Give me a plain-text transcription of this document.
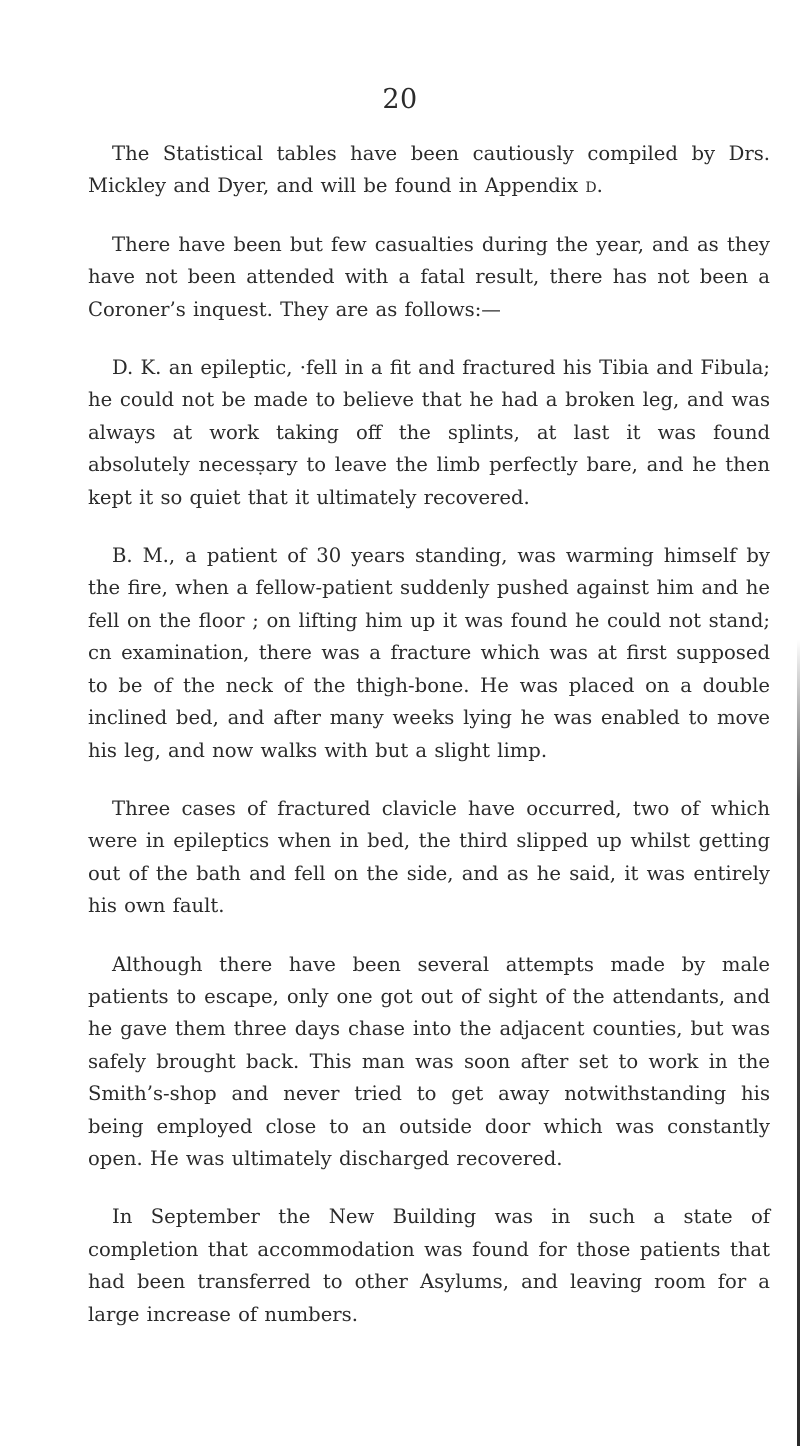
20

The Statistical tables have been cautiously compiled by Drs. Mickley and Dyer, and will be found in Appendix d.

There have been but few casualties during the year, and as they have not been attended with a fatal result, there has not been a Coroner’s inquest. They are as follows:—

D. K. an epileptic, ·fell in a fit and fractured his Tibia and Fibula; he could not be made to believe that he had a broken leg, and was always at work taking off the splints, at last it was found absolutely necesṣary to leave the limb perfectly bare, and he then kept it so quiet that it ultimately recovered.

B. M., a patient of 30 years standing, was warming himself by the fire, when a fellow-patient suddenly pushed against him and he fell on the floor ; on lifting him up it was found he could not stand; cn examination, there was a fracture which was at first supposed to be of the neck of the thigh-bone. He was placed on a double inclined bed, and after many weeks lying he was enabled to move his leg, and now walks with but a slight limp.

Three cases of fractured clavicle have occurred, two of which were in epileptics when in bed, the third slipped up whilst getting out of the bath and fell on the side, and as he said, it was entirely his own fault.

Although there have been several attempts made by male patients to escape, only one got out of sight of the attendants, and he gave them three days chase into the adjacent counties, but was safely brought back. This man was soon after set to work in the Smith’s-shop and never tried to get away notwithstanding his being employed close to an outside door which was constantly open. He was ultimately discharged recovered.

In September the New Building was in such a state of completion that accommodation was found for those patients that had been transferred to other Asylums, and leaving room for a large increase of numbers.
